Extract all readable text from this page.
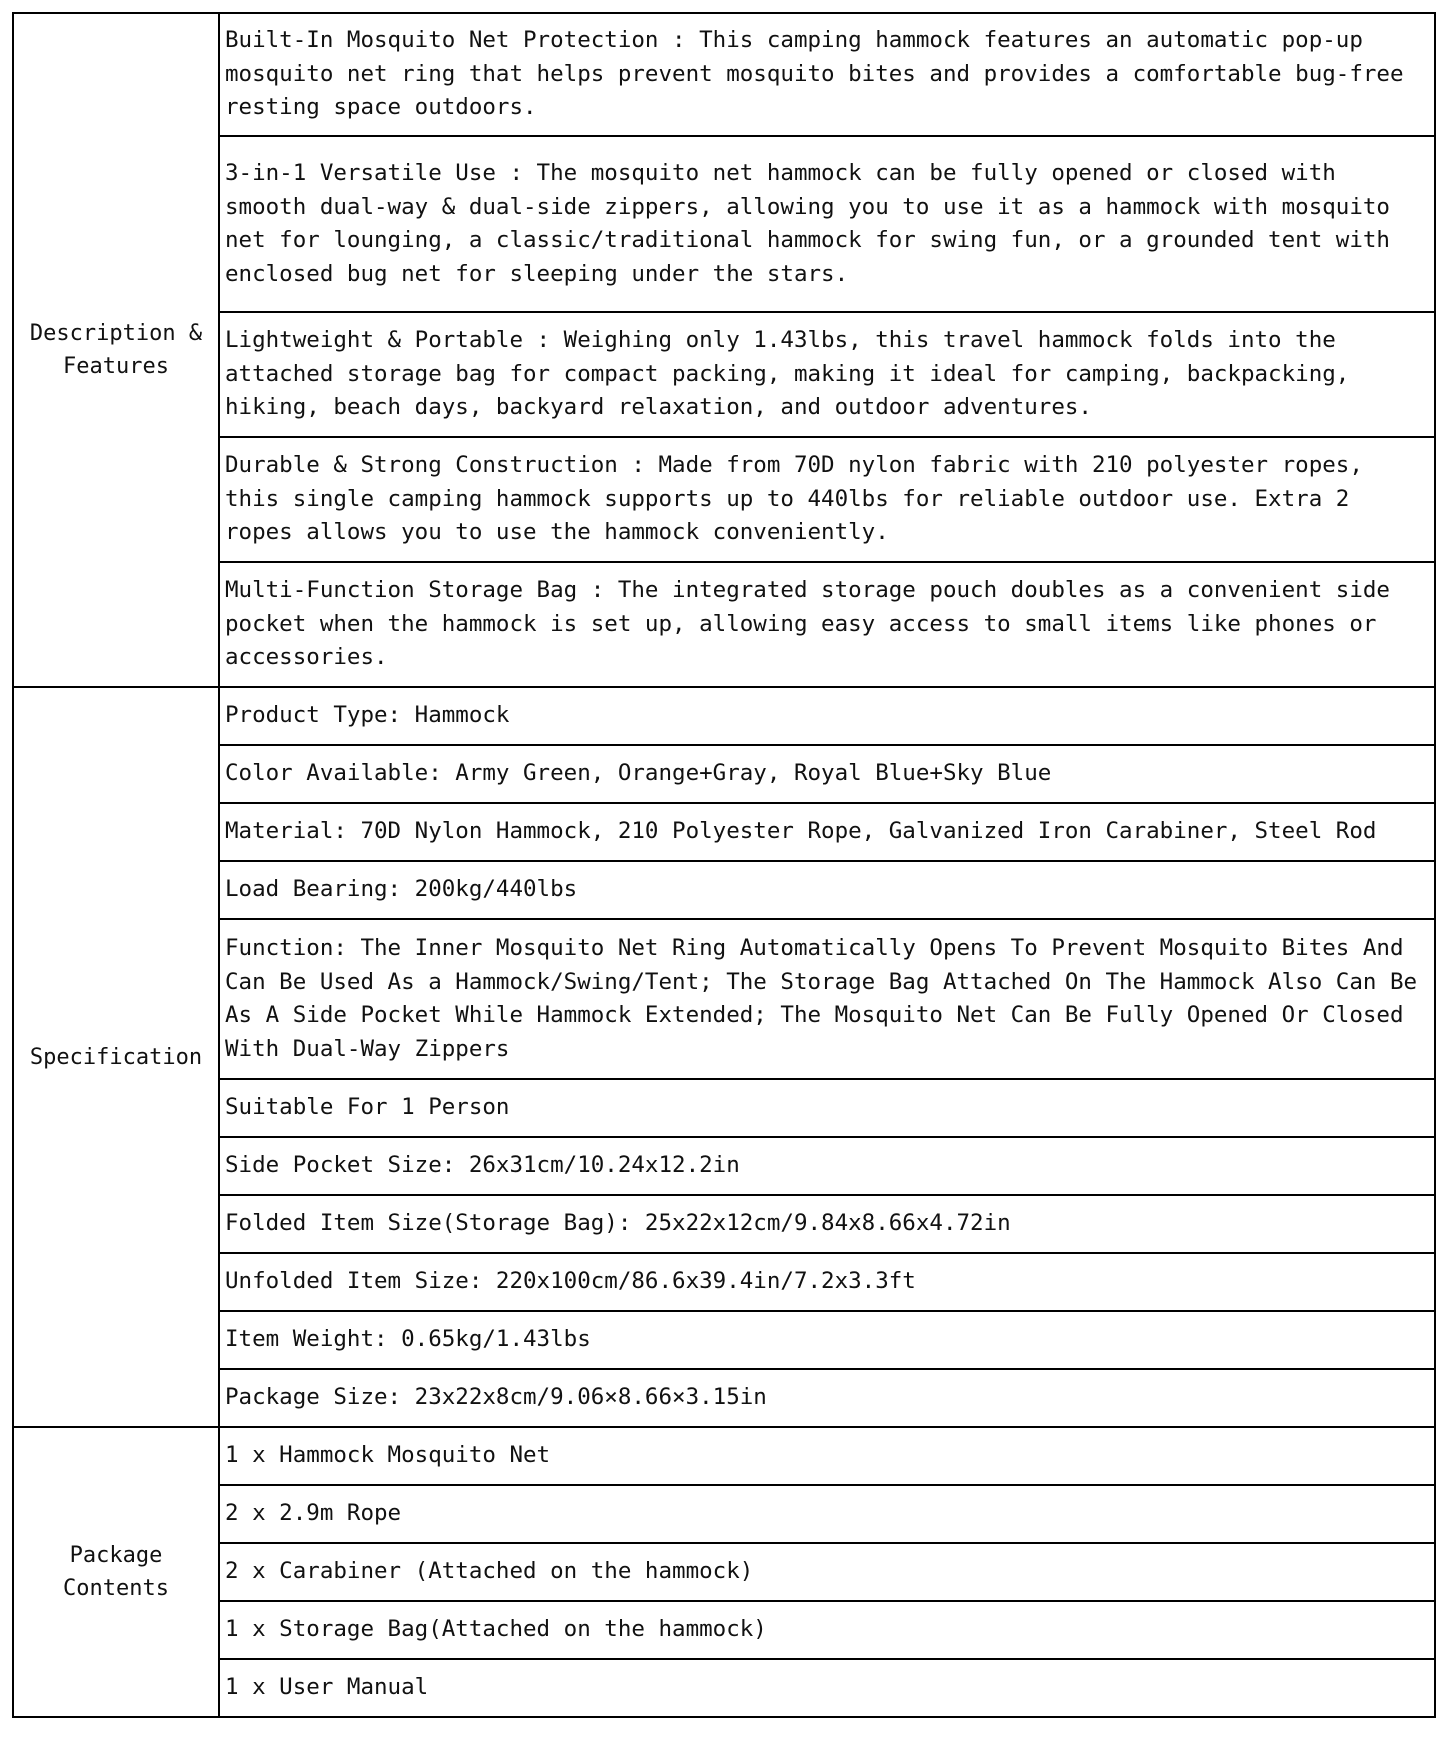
Description &
Features	Built-In Mosquito Net Protection : This camping hammock features an automatic pop-up mosquito net ring that helps prevent mosquito bites and provides a comfortable bug-free resting space outdoors.
	3-in-1 Versatile Use : The mosquito net hammock can be fully opened or closed with smooth dual-way & dual-side zippers, allowing you to use it as a hammock with mosquito net for lounging, a classic/traditional hammock for swing fun, or a grounded tent with enclosed bug net for sleeping under the stars.
	Lightweight & Portable : Weighing only 1.43lbs, this travel hammock folds into the attached storage bag for compact packing, making it ideal for camping, backpacking, hiking, beach days, backyard relaxation, and outdoor adventures.
	Durable & Strong Construction : Made from 70D nylon fabric with 210 polyester ropes, this single camping hammock supports up to 440lbs for reliable outdoor use. Extra 2 ropes allows you to use the hammock conveniently.
	Multi-Function Storage Bag : The integrated storage pouch doubles as a convenient side pocket when the hammock is set up, allowing easy access to small items like phones or accessories.
Specification	Product Type: Hammock
	Color Available: Army Green, Orange+Gray, Royal Blue+Sky Blue
	Material: 70D Nylon Hammock, 210 Polyester Rope, Galvanized Iron Carabiner, Steel Rod
	Load Bearing: 200kg/440lbs
	Function: The Inner Mosquito Net Ring Automatically Opens To Prevent Mosquito Bites And Can Be Used As a Hammock/Swing/Tent; The Storage Bag Attached On The Hammock Also Can Be As A Side Pocket While Hammock Extended; The Mosquito Net Can Be Fully Opened Or Closed With Dual-Way Zippers
	Suitable For 1 Person
	Side Pocket Size: 26x31cm/10.24x12.2in
	Folded Item Size(Storage Bag): 25x22x12cm/9.84x8.66x4.72in
	Unfolded Item Size: 220x100cm/86.6x39.4in/7.2x3.3ft
	Item Weight: 0.65kg/1.43lbs
	Package Size: 23x22x8cm/9.06×8.66×3.15in
Package
Contents	1 x Hammock Mosquito Net
	2 x 2.9m Rope
	2 x Carabiner (Attached on the hammock)
	1 x Storage Bag(Attached on the hammock)
	1 x User Manual
